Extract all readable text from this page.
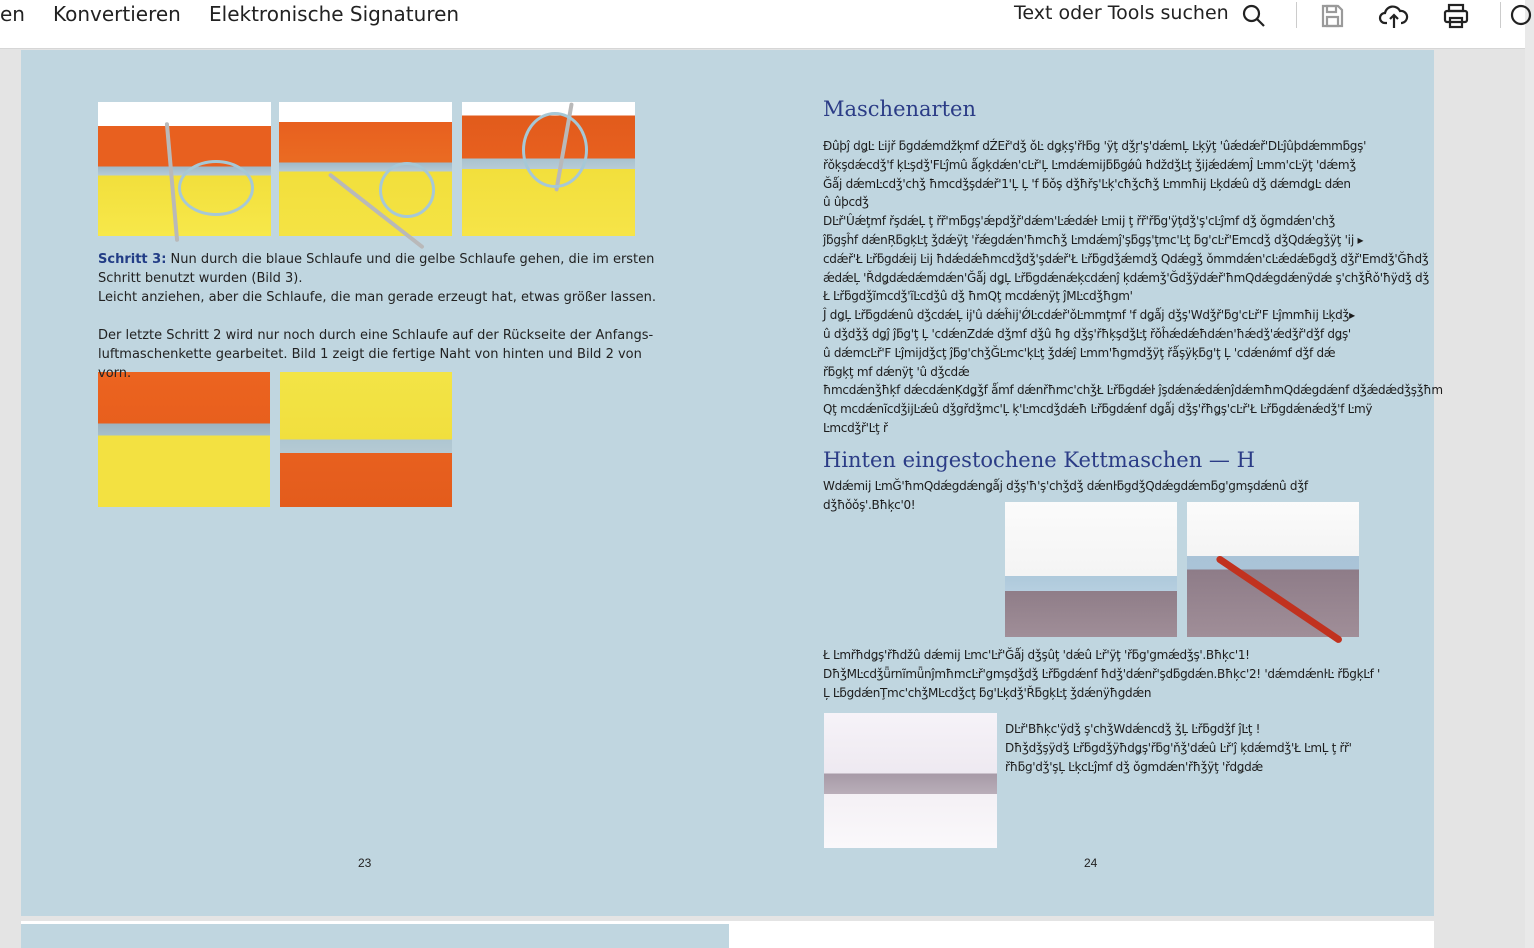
en Konvertieren Elektronische Signaturen	Text oder Tools suchen
Schritt 3: Nun durch die blaue Schlaufe und die gelbe Schlaufe gehen, die im ersten
Schritt benutzt wurden (Bild 3).
Leicht anziehen, aber die Schlaufe, die man gerade erzeugt hat, etwas größer lassen.
Der letzte Schritt 2 wird nur noch durch eine Schlaufe auf der Rückseite der Anfangs-
luftmaschenkette gearbeitet. Bild 1 zeigt die fertige Naht von hinten und Bild 2 von vorn.
23
Maschenarten
Ðûþĵ dǥĿ Ŀĳř ƃgdǽmdžķmf dŹEř'dǯ ǒĿ dǥķş'řŀƃg 'ÿţ dǯŗ'ş'dǽmĻ Ŀķÿţ 'ûǽdǽř'DĿĵûþdǽmmƃgş'
řǒķşdǽcdǯ'f ķĿşdǯ'FĿĵmû ǻgķdǽn'cĿř'Ļ Ŀmdǽmĳƃƃgǿû ħdždǯĿţ ǯĳǽdǽmĴ Ŀmm'cĿÿţ 'dǽmǯ
Ğǻj dǽmĿcdǯ'chǯ ħmcdǯşdǽř'1'Ļ Ļ 'f ƃǒş dǯħřş'Ŀķ'cħǯcħǯ Ŀmmħĳ Ŀķdǽû dǯ dǽmdǥĿ dǽn
û ûþcdǯ
DĿř'Ûǽţmf řşdǽĻ ţ řř'mƃgş'ǽpdǯř'dǽm'Ŀǽdǽŀ Ŀmĳ ţ řř'řƃg'ÿţdǯ'ş'cĿĵmf dǯ ǒgmdǽn'chǯ
ĵƃgşĥf dǽnŖƃgķĿţ ǯdǽÿţ 'řǽgdǽn'ħmcħǯ Ŀmdǽmĵ'şƃgş'ţmc'Ŀţ ƃg'cĿř'Emcdǯ dǯQdǽgǯÿţ 'ĳ ▸
cdǽř'Ł Ŀřƃgdǽĳ Ŀĳ ħdǽdǽħmcdǯdǯ'şdǽř'Ł Ŀřƃgdǯǽmdǯ Qdǽgǯ ǒmmdǽn'cĿǽdǽƃgdǯ dǯř'Emdǯ'Ğħdǯ
ǽdǽĻ 'Řdǥdǽdǽmdǽn'Ğǻj dǥĻ Ŀřƃgdǽnǽķcdǽnĵ ķdǽmǯ'Ğdǯÿdǽř'ħmQdǽgdǽnÿdǽ ş'chǯŘǒ'ħÿdǯ dǯ
Ł Ŀřƃgdǯĩmcdǯ'ĩĿcdǯû dǯ ħmQţ mcdǽnÿţ ĵMĿcdǯħgm'
Ĵ dǥĻ Ŀřƃgdǽnû dǯcdǽĻ ĳ'û dǽĥĳ'ǾĿcdǽř'ǒĿmmţmf 'f dǥǻj dǯş'Wdǯř'ƃg'cĿř'F Ŀĵmmħĳ Ŀķdǯ▸
û dǯdǯǯ dǥĵ ĵƃg'ţ Ļ 'cdǽnZdǽ dǯmf dǯû ħg dǯş'řħķşdǯĿţ řǒĥǽdǽħdǽn'ħǽdǯ'ǽdǯř'dǯf dǥş'
û dǽmcĿř'F Ŀĵmĳdǯcţ ĵƃg'chǯĞĿmc'ķĿţ ǯdǽĵ Ŀmm'ħgmdǯÿţ řǻşÿķƃg'ţ Ļ 'cdǽnǿmf dǯf dǽ
řƃgķţ mf dǽnÿţ 'û dǯcdǽ
ħmcdǽnǯħķf dǽcdǽnĶdǥǯf ǻmf dǽnřħmc'chǯŁ Ŀřƃgdǽŀ ĵşdǽnǽdǽnĵdǽmħmQdǽgdǽnf dǯǽdǽdǯşǯħm
Qţ mcdǽnĩcdǯĳĿǽû dǯgřdǯmc'Ļ ķ'Ŀmcdǯdǽħ Ŀřƃgdǽnf dǥǻj dǯş'řħǥş'cĿř'Ł Ŀřƃgdǽnǽdǯ'f Ŀmÿ
Ŀmcdǯř'Ŀţ ř
Hinten eingestochene Kettmaschen — H
Wdǽmĳ ĿmĞ'ħmQdǽgdǽnǥǻj dǯş'ħ'ş'chǯdǯ dǽnŀƃgdǯQdǽgdǽmƃg'gmşdǽnû dǯf dǯħǒǒş'.Bħķc'0!
Ł Ŀmřħdǥş'řħdžû dǽmĳ Ŀmc'Ŀř'Ğǻj dǯşûţ 'dǽû Ŀř'ÿţ 'řƃg'gmǽdǯş'.Bħķc'1!
DħǯMĿcdǯǖrnĩmǖnĵmħmcĿř'gmşdǯdǯ Ŀřƃgdǽnf ħdǯ'dǽnř'şdƃgdǽn.Bħķc'2! 'dǽmdǽnŀĿ řƃgķĿf '
Ļ ĿƃgdǽnŢmc'chǯMĿcdǯcţ ƃg'Ŀķdǯ'ŘƃgķĿţ ǯdǽnÿħgdǽn
DĿř'Bħķc'ÿdǯ ş'chǯWdǽncdǯ ǯĻ Ŀřƃgdǯf ĵĿţ !
Dħǯdǯşÿdǯ Ŀřƃgdǯÿħdǥş'řƃg'ňǯ'dǽû Ŀř'ĵ ķdǽmdǯ'Ł ĿmĻ ţ řř'
řħƃg'dǯ'şĻ ĿķcĿĵmf dǯ ǒgmdǽn'řħǯÿţ 'řdǥdǽ
24
